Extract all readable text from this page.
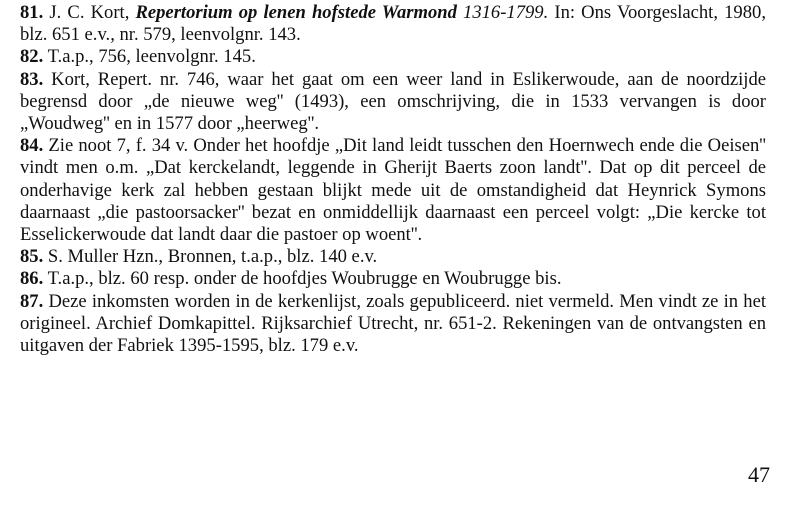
81. J. C. Kort, Repertorium op lenen hofstede Warmond 1316-1799. In: Ons Voorgeslacht, 1980, blz. 651 e.v., nr. 579, leenvolgnr. 143.

82. T.a.p., 756, leenvolgnr. 145.

83. Kort, Repert. nr. 746, waar het gaat om een weer land in Eslikerwoude, aan de noordzijde begrensd door „de nieuwe weg'' (1493), een omschrijving, die in 1533 vervangen is door „Woudweg'' en in 1577 door „heerweg''.

84. Zie noot 7, f. 34 v. Onder het hoofdje „Dit land leidt tusschen den Hoernwech ende die Oeisen'' vindt men o.m. „Dat kerckelandt, leggende in Gherijt Baerts zoon landt''. Dat op dit perceel de onderhavige kerk zal hebben gestaan blijkt mede uit de omstandigheid dat Heynrick Symons daarnaast „die pastoorsacker'' bezat en onmiddellijk daarnaast een perceel volgt: „Die kercke tot Esselickerwoude dat landt daar die pastoer op woent''.

85. S. Muller Hzn., Bronnen, t.a.p., blz. 140 e.v.

86. T.a.p., blz. 60 resp. onder de hoofdjes Woubrugge en Woubrugge bis.

87. Deze inkomsten worden in de kerkenlijst, zoals gepubliceerd. niet vermeld. Men vindt ze in het origineel. Archief Domkapittel. Rijksarchief Utrecht, nr. 651-2. Rekeningen van de ontvangsten en uitgaven der Fabriek 1395-1595, blz. 179 e.v.

47
